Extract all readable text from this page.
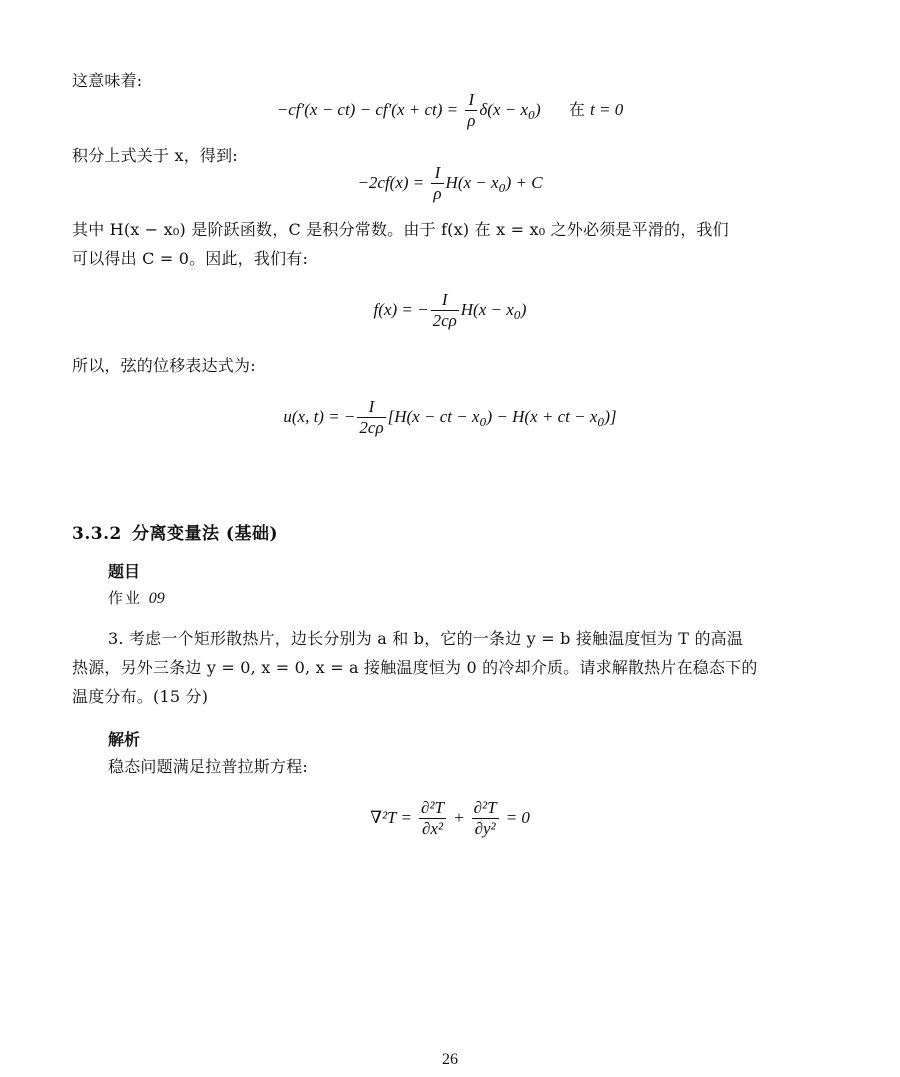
这意味着:
$-cf'(x - ct) - cf'(x + ct) = \frac{I}{\rho} \delta(x - x_0)$ 在 t = 0
积分上式关于 x，得到:
$-2cf(x) = \frac{I}{\rho} H(x - x_0) + C$
其中 H(x − x₀) 是阶跃函数，C 是积分常数。由于 f(x) 在 x = x₀ 之外必须是平滑的，我们
可以得出 C = 0。因此，我们有:
f(x) = − $\frac{I}{2c\rho} H(x - x_0)$
所以，弦的位移表达式为:
u(x, t) = − $\frac{I}{2c\rho} [H(x$ − ct − $x_0) - H(x$ + ct − $x_0$)]
3.3.2 分离变量法 (基础)
题目
作业 09
3. 考虑一个矩形散热片，边长分别为 a 和 b，它的一条边 y = b 接触温度恒为 T 的高温
热源，另外三条边 y = 0, x = 0, x = a 接触温度恒为 0 的冷却介质。请求解散热片在稳态下的
温度分布。(15 分)
解析
稳态问题满足拉普拉斯方程:
$\nabla^2T = \frac{\text{∂²T}}{\text{∂x²}} + \frac{\text{∂²T}}{\text{∂y²}} = 0$
26
